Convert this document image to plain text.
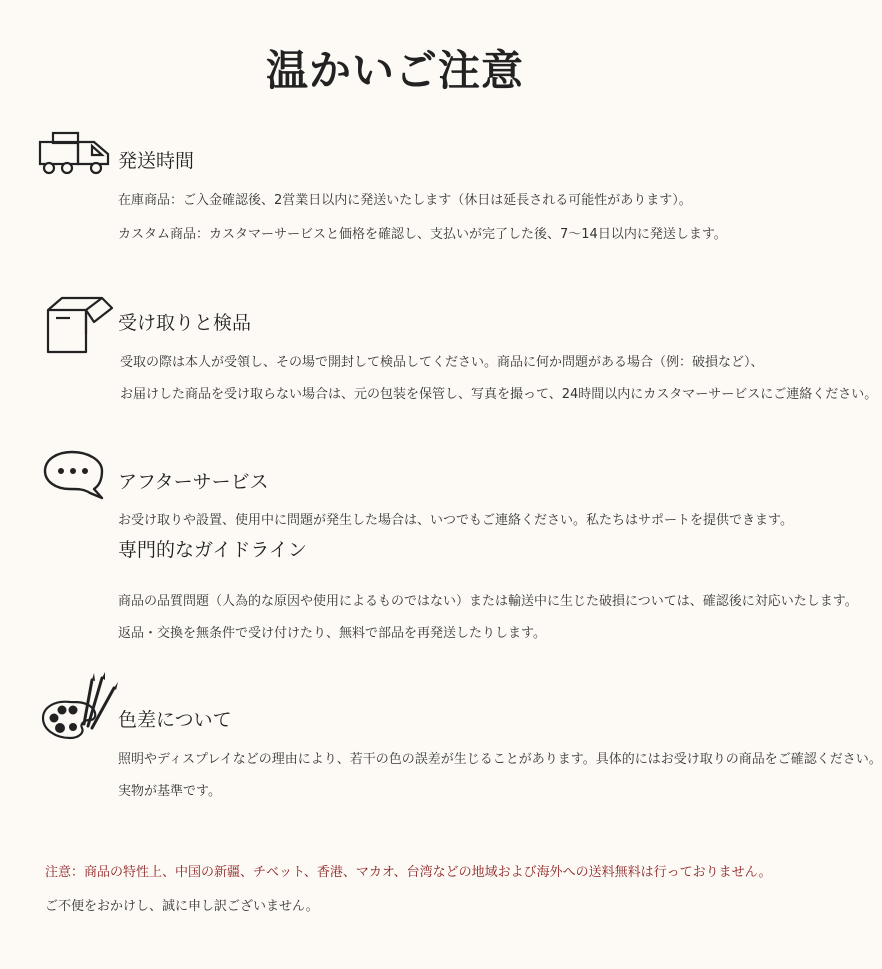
温かいご注意
発送時間
在庫商品：ご入金確認後、2営業日以内に発送いたします（休日は延長される可能性があります）。
カスタム商品：カスタマーサービスと価格を確認し、支払いが完了した後、7〜14日以内に発送します。
受け取りと検品
受取の際は本人が受領し、その場で開封して検品してください。商品に何か問題がある場合（例：破損など）、
お届けした商品を受け取らない場合は、元の包装を保管し、写真を撮って、24時間以内にカスタマーサービスにご連絡ください。
アフターサービス
お受け取りや設置、使用中に問題が発生した場合は、いつでもご連絡ください。私たちはサポートを提供できます。
専門的なガイドライン
商品の品質問題（人為的な原因や使用によるものではない）または輸送中に生じた破損については、確認後に対応いたします。
返品・交換を無条件で受け付けたり、無料で部品を再発送したりします。
色差について
照明やディスプレイなどの理由により、若干の色の誤差が生じることがあります。具体的にはお受け取りの商品をご確認ください。
実物が基準です。
注意：商品の特性上、中国の新疆、チベット、香港、マカオ、台湾などの地域および海外への送料無料は行っておりません。
ご不便をおかけし、誠に申し訳ございません。
